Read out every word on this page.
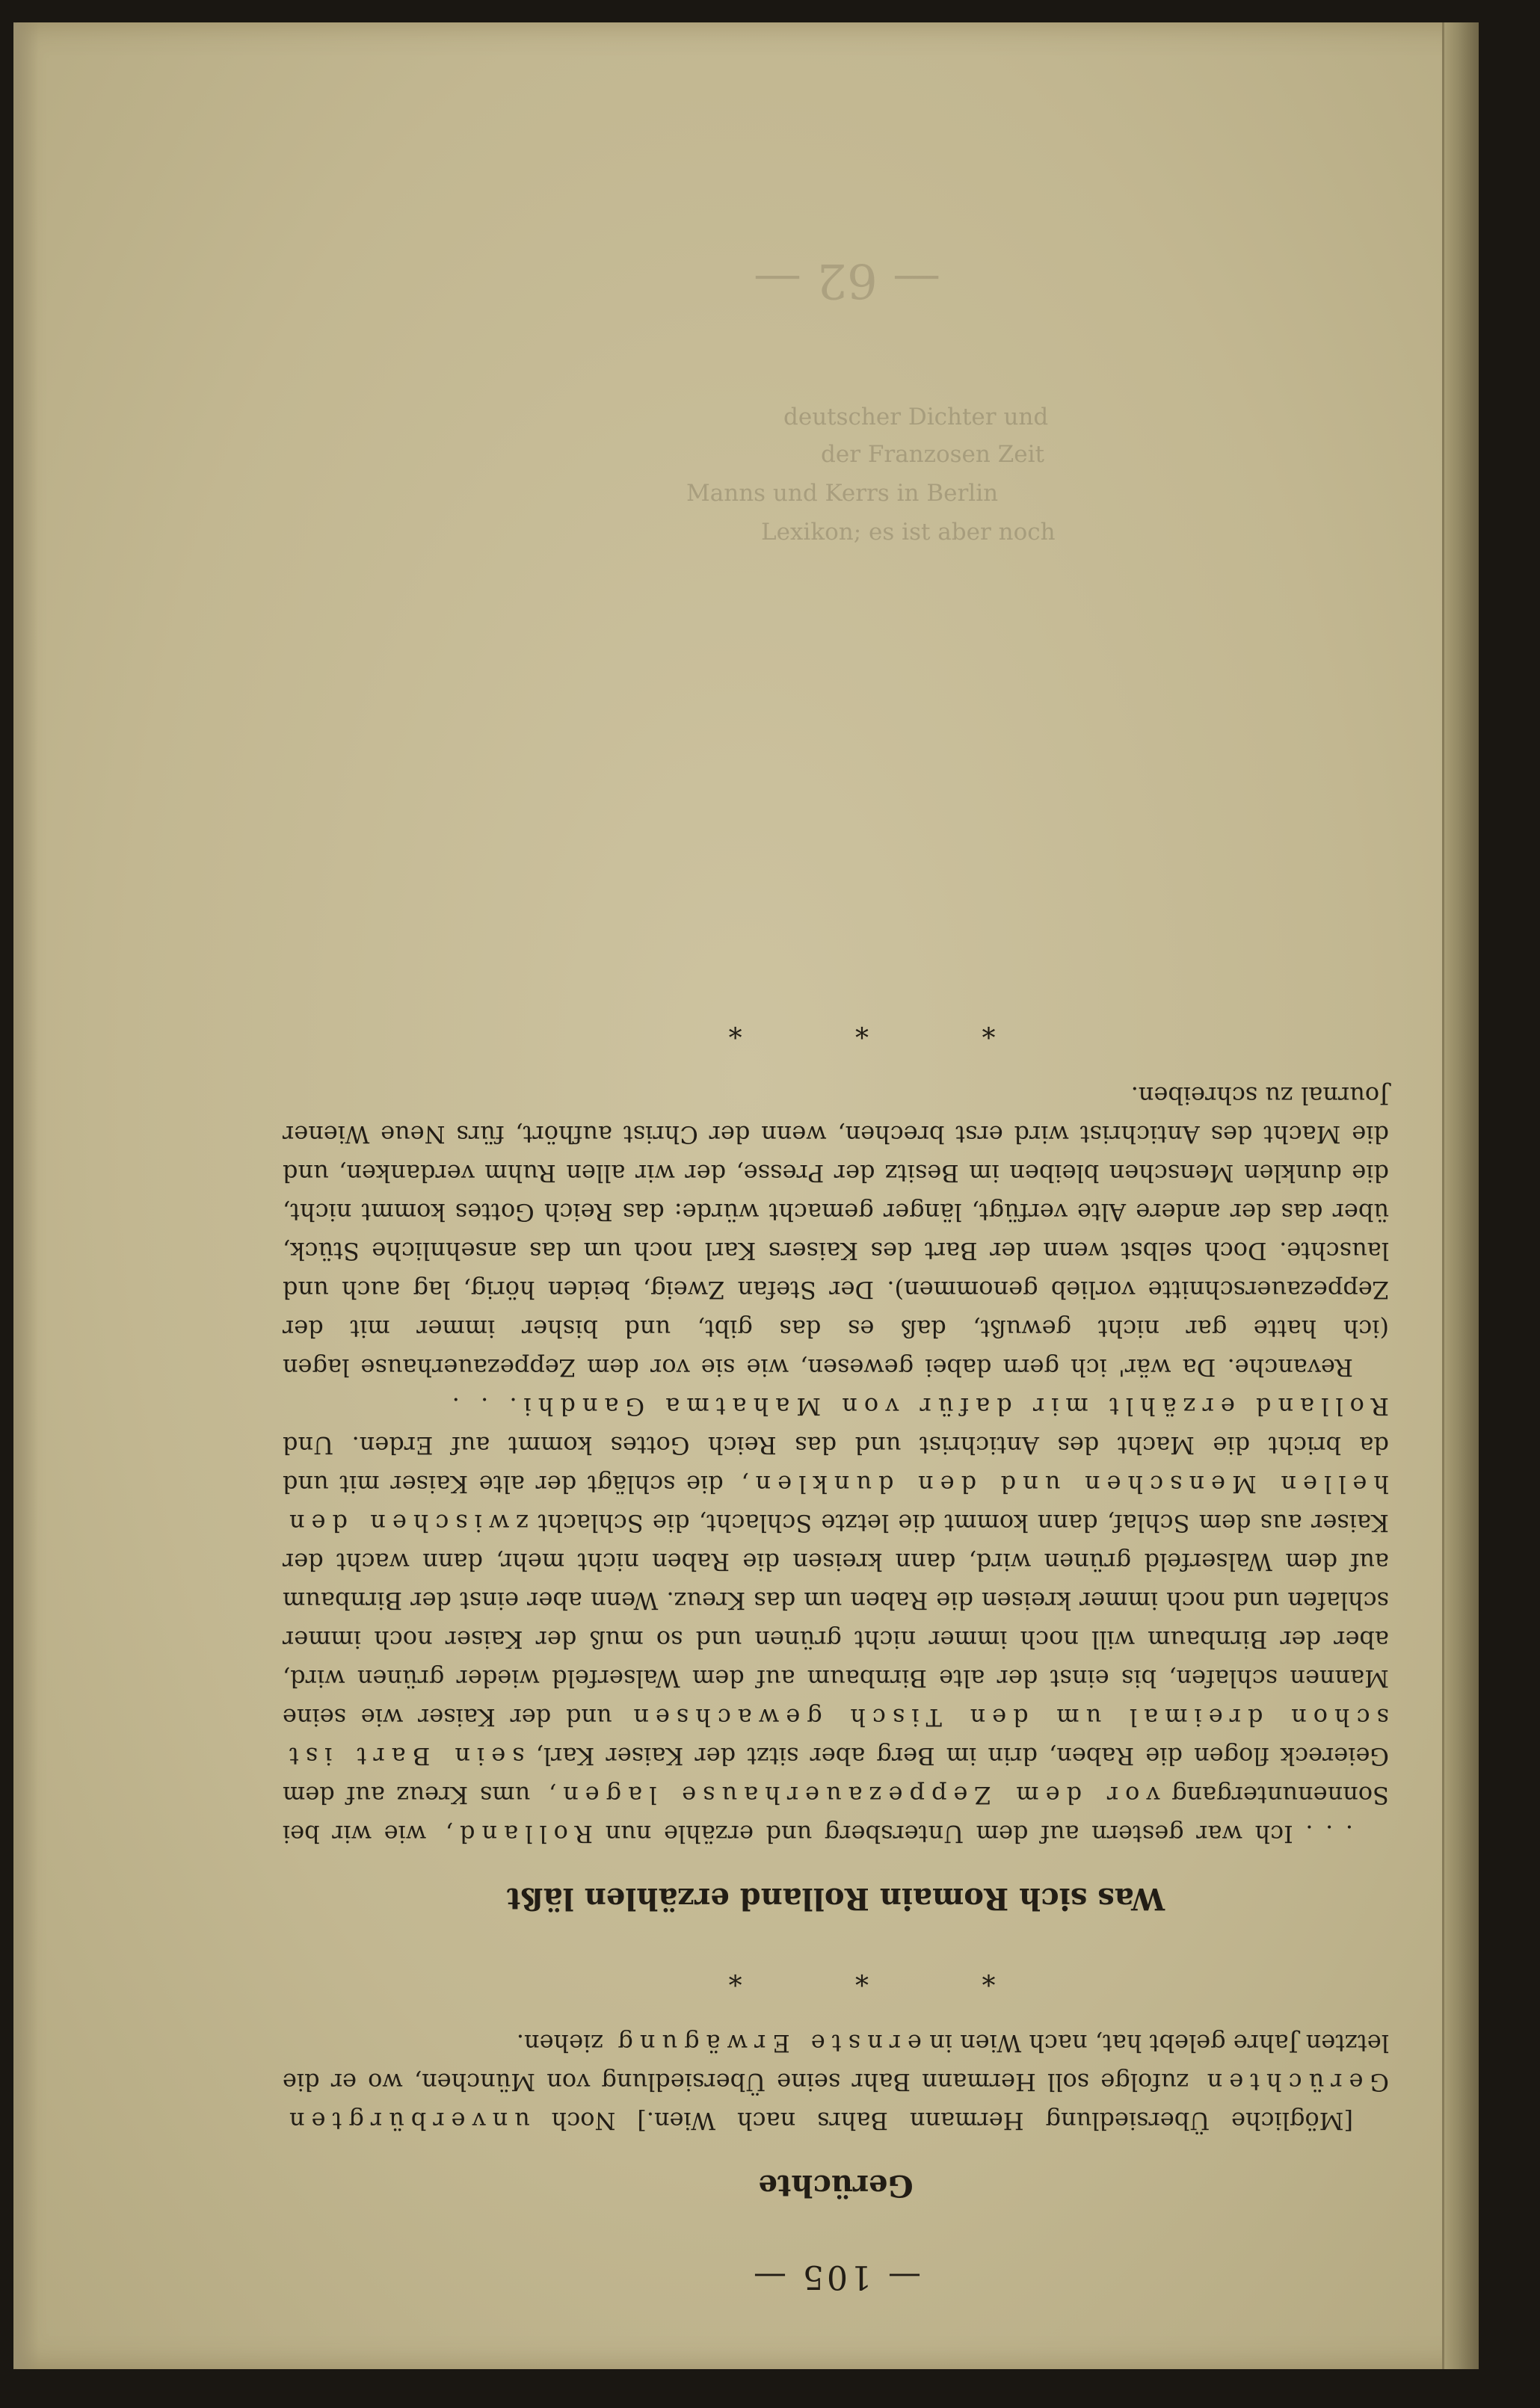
— 105 —
Gerüchte

[Mögliche Übersiedlung Hermann Bahrs nach Wien.] Noch unverbürgten Gerüchten zufolge soll Hermann Bahr seine Übersiedlung von München, wo er die letzten Jahre gelebt hat, nach Wien in ernste Erwägung ziehen.

* * *
Was sich Romain Rolland erzählen läßt

. . . Ich war gestern auf dem Untersberg und erzähle nun Rolland, wie wir bei Sonnenuntergang vor dem Zeppezauerhause lagen, ums Kreuz auf dem Geiereck flogen die Raben, drin im Berg aber sitzt der Kaiser Karl, sein Bart ist schon dreimal um den Tisch gewachsen und der Kaiser wie seine Mannen schlafen, bis einst der alte Birnbaum auf dem Walserfeld wieder grünen wird, aber der Birnbaum will noch immer nicht grünen und so muß der Kaiser noch immer schlafen und noch immer kreisen die Raben um das Kreuz. Wenn aber einst der Birnbaum auf dem Walserfeld grünen wird, dann kreisen die Raben nicht mehr, dann wacht der Kaiser aus dem Schlaf, dann kommt die letzte Schlacht, die Schlacht zwischen den hellen Menschen und den dunklen, die schlägt der alte Kaiser mit und da bricht die Macht des Antichrist und das Reich Gottes kommt auf Erden. Und Rolland erzählt mir dafür von Mahatma Gandhi. . .

Revanche. Da wär' ich gern dabei gewesen, wie sie vor dem Zeppezauerhause lagen (ich hatte gar nicht gewußt, daß es das gibt, und bisher immer mit der Zeppezauerschnitte vorlieb genommen). Der Stefan Zweig, beiden hörig, lag auch und lauschte. Doch selbst wenn der Bart des Kaisers Karl noch um das ansehnliche Stück, über das der andere Alte verfügt, länger gemacht würde: das Reich Gottes kommt nicht, die dunklen Menschen bleiben im Besitz der Presse, der wir allen Ruhm verdanken, und die Macht des Antichrist wird erst brechen, wenn der Christ aufhört, fürs Neue Wiener Journal zu schreiben.

* * *
— 62 —
deutscher Dichter und
der Franzosen Zeit
Manns und Kerrs in Berlin
Lexikon; es ist aber noch
